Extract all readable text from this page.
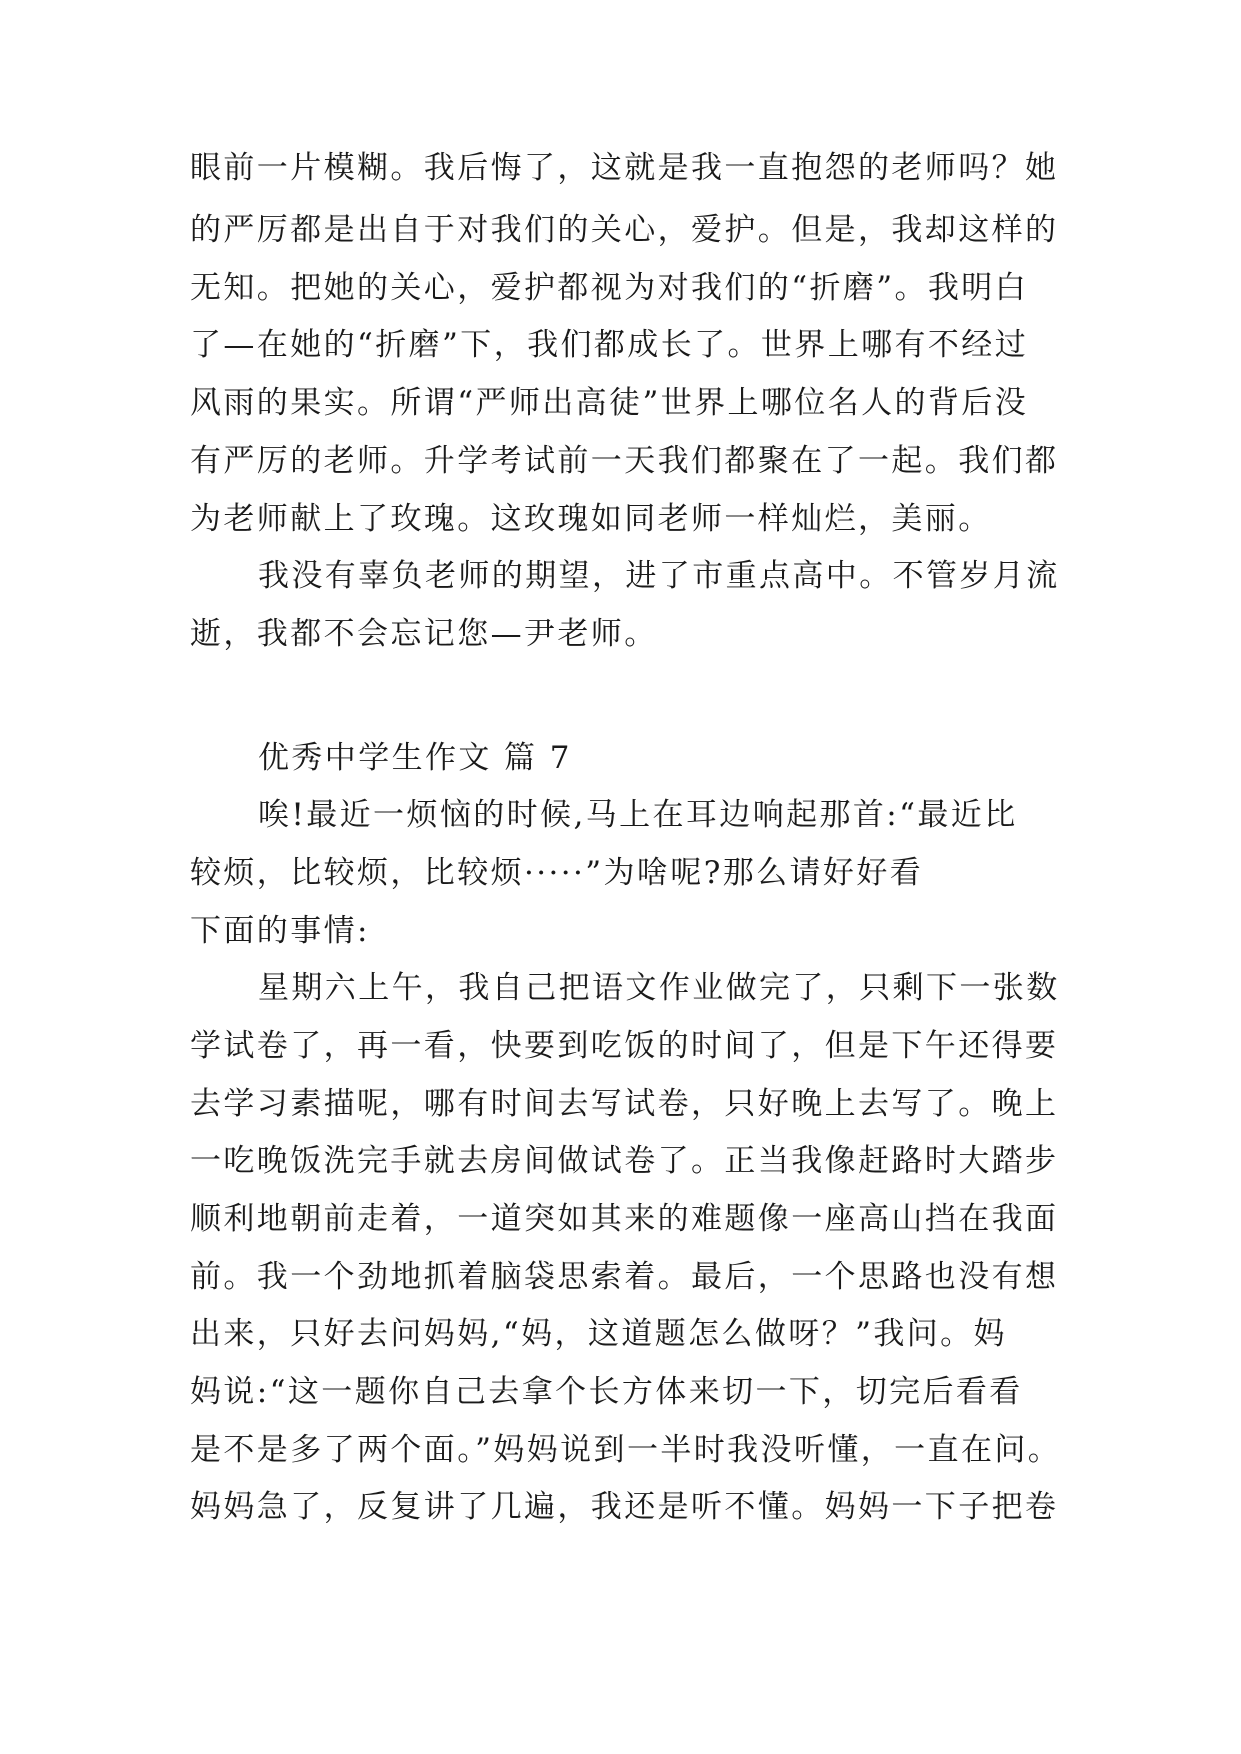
眼前一片模糊。我后悔了，这就是我一直抱怨的老师吗？她
的严厉都是出自于对我们的关心，爱护。但是，我却这样的
无知。把她的关心，爱护都视为对我们的“折磨”。我明白
了—在她的“折磨”下，我们都成长了。世界上哪有不经过
风雨的果实。所谓“严师出高徒”世界上哪位名人的背后没
有严厉的老师。升学考试前一天我们都聚在了一起。我们都
为老师献上了玫瑰。这玫瑰如同老师一样灿烂，美丽。
我没有辜负老师的期望，进了市重点高中。不管岁月流
逝，我都不会忘记您—尹老师。
优秀中学生作文 篇 7
唉!最近一烦恼的时候,马上在耳边响起那首:“最近比
较烦，比较烦，比较烦·····”为啥呢?那么请好好看
下面的事情:
星期六上午，我自己把语文作业做完了，只剩下一张数
学试卷了，再一看，快要到吃饭的时间了，但是下午还得要
去学习素描呢，哪有时间去写试卷，只好晚上去写了。晚上
一吃晚饭洗完手就去房间做试卷了。正当我像赶路时大踏步
顺利地朝前走着，一道突如其来的难题像一座高山挡在我面
前。我一个劲地抓着脑袋思索着。最后，一个思路也没有想
出来，只好去问妈妈,“妈，这道题怎么做呀？”我问。妈
妈说:“这一题你自己去拿个长方体来切一下，切完后看看
是不是多了两个面。”妈妈说到一半时我没听懂，一直在问。
妈妈急了，反复讲了几遍，我还是听不懂。妈妈一下子把卷
